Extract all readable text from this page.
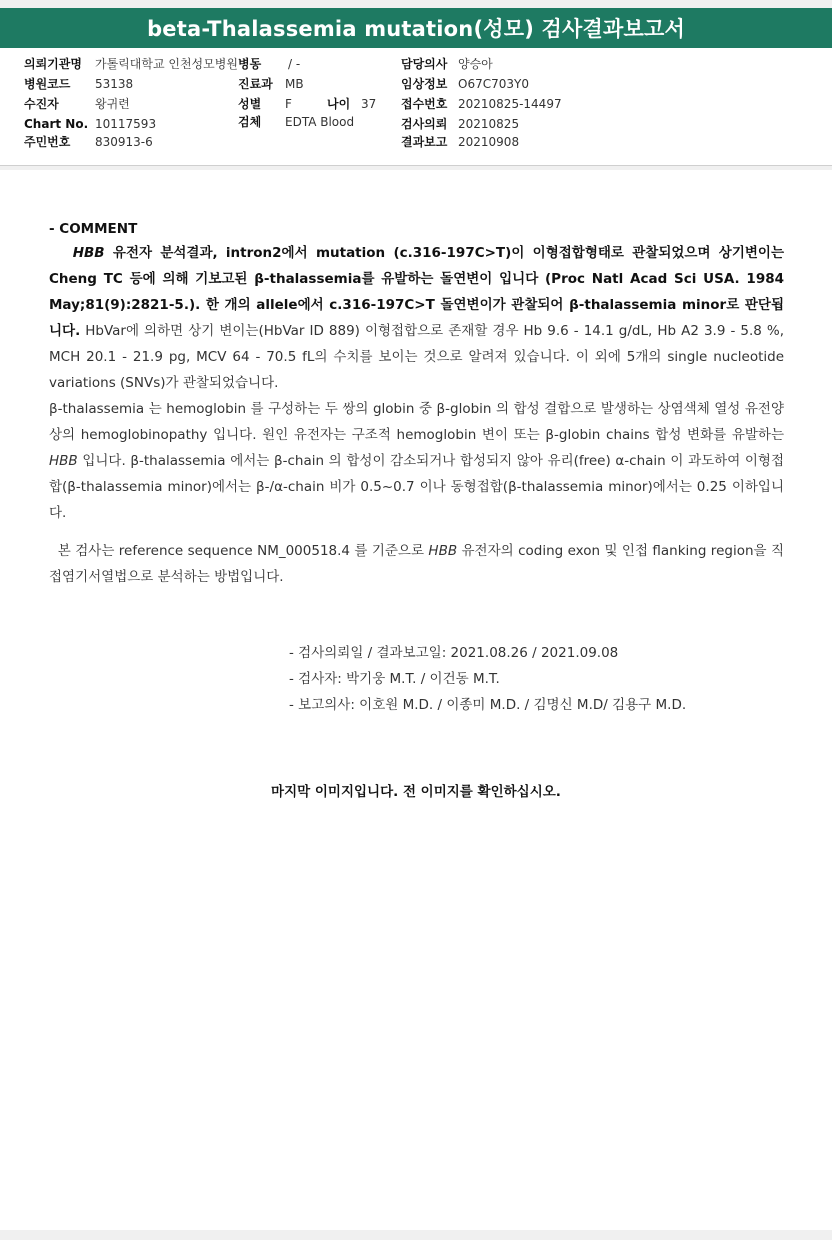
beta-Thalassemia mutation(성모) 검사결과보고서
의뢰기관명 가톨릭대학교 인천성모병원
병원코드 53138
수진자	왕귀련
Chart No. 10117593
주민번호 830913-6
병동 / -
진료과 MB
성별 F	나이 37
검체 EDTA Blood
담당의사 양승아
임상정보 O67C703Y0
접수번호 20210825-14497
검사의뢰 20210825
결과보고 20210908
- COMMENT

HBB 유전자 분석결과, intron2에서 mutation (c.316-197C>T)이 이형접합형태로 관찰되었으며 상기변이는 Cheng TC 등에 의해 기보고된 β-thalassemia를 유발하는 돌연변이 입니다 (Proc Natl Acad Sci USA. 1984 May;81(9):2821-5.). 한 개의 allele에서 c.316-197C>T 돌연변이가 관찰되어 β-thalassemia minor로 판단됩니다. HbVar에 의하면 상기 변이는(HbVar ID 889) 이형접합으로 존재할 경우 Hb 9.6 - 14.1 g/dL, Hb A2 3.9 - 5.8 %, MCH 20.1 - 21.9 pg, MCV 64 - 70.5 fL의 수치를 보이는 것으로 알려져 있습니다. 이 외에 5개의 single nucleotide variations (SNVs)가 관찰되었습니다.

β-thalassemia 는 hemoglobin 를 구성하는 두 쌍의 globin 중 β-globin 의 합성 결합으로 발생하는 상염색체 열성 유전양상의 hemoglobinopathy 입니다. 원인 유전자는 구조적 hemoglobin 변이 또는 β-globin chains 합성 변화를 유발하는 HBB 입니다. β-thalassemia 에서는 β-chain 의 합성이 감소되거나 합성되지 않아 유리(free) α-chain 이 과도하여 이형접합(β-thalassemia minor)에서는 β-/α-chain 비가 0.5~0.7 이나 동형접합(β-thalassemia minor)에서는 0.25 이하입니다.

본 검사는 reference sequence NM_000518.4 를 기준으로 HBB 유전자의 coding exon 및 인접 flanking region을 직접염기서열법으로 분석하는 방법입니다.

- 검사의뢰일 / 결과보고일: 2021.08.26 / 2021.09.08
- 검사자: 박기웅 M.T. / 이건동 M.T.
- 보고의사: 이호원 M.D. / 이종미 M.D. / 김명신 M.D/ 김용구 M.D.
마지막 이미지입니다. 전 이미지를 확인하십시오.
